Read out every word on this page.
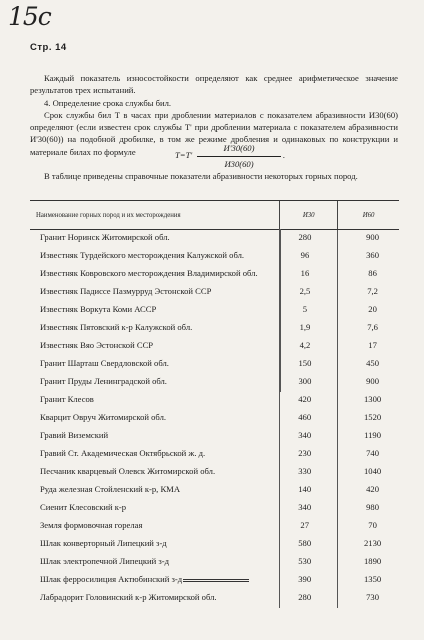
15c
Стр. 14
Каждый показатель износостойкости определяют как среднее арифметическое значение результатов трех испытаний.
4. Определение срока службы бил.
Срок службы бил T в часах при дроблении материалов с показателем абразивности И30(60) определяют (если известен срок службы T' при дроблении материала с показателем абразивности И'30(60)) на подобной дробилке, в том же режиме дробления и одинаковых по конструкции и материале билах по формуле	T=T'
И'30(60)
И30(60)
.
В таблице приведены справочные показатели абразивности некоторых горных пород.
Наименование горных пород и их месторождения	И30	И60
Гранит Норинск Житомирской обл.	280	900
Известняк Турдейского месторождения Калужской обл.	96	360
Известняк Ковровского месторождения Владимирской обл.	16	86
Известняк Падиссе Пазмурруд Эстонской ССР	2,5	7,2
Известняк Воркута Коми АССР	5	20
Известняк Пятовский к-р Калужской обл.	1,9	7,6
Известняк Вяо Эстонской ССР	4,2	17
Гранит Шарташ Свердловской обл.	150	450
Гранит Пруды Ленинградской обл.	300	900
Гранит Клесов	420	1300
Кварцит Овруч Житомирской обл.	460	1520
Гравий Виземский	340	1190
Гравий Ст. Академическая Октябрьской ж. д.	230	740
Песчаник кварцевый Олевск Житомирской обл.	330	1040
Руда железная Стойленский к-р, КМА	140	420
Сиенит Клесовский к-р	340	980
Земля формовочная горелая	27	70
Шлак конверторный Липецкий з-д	580	2130
Шлак электропечной Липецкий з-д	530	1890
Шлак ферросилиция Актюбинский з-д	390	1350
Лабрадорит Головинский к-р Житомирской обл.	280	730
